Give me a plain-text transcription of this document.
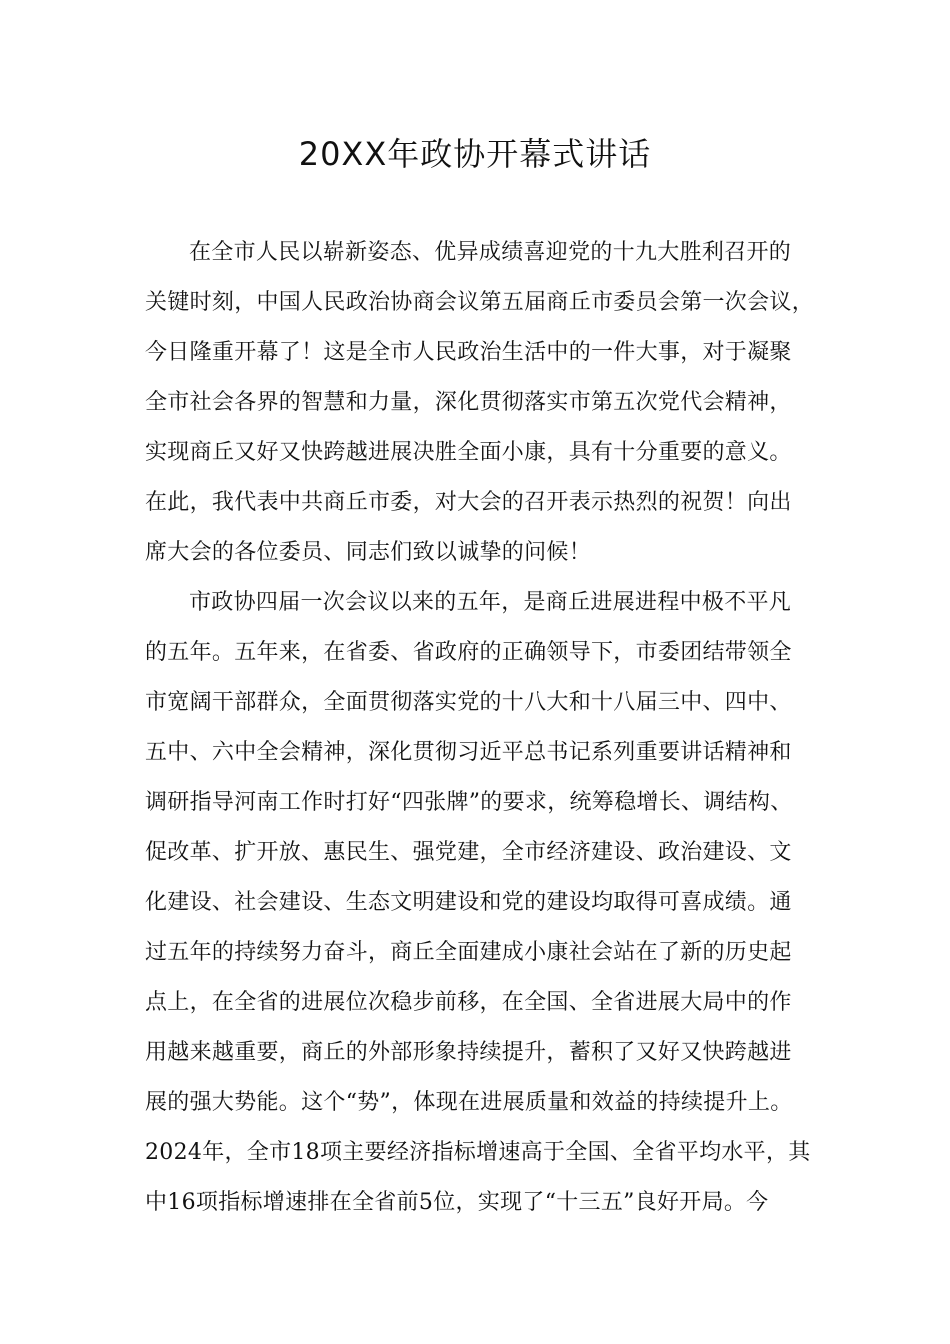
20XX年政协开幕式讲话
在全市人民以崭新姿态、优异成绩喜迎党的十九大胜利召开的
关键时刻，中国人民政治协商会议第五届商丘市委员会第一次会议，
今日隆重开幕了！这是全市人民政治生活中的一件大事，对于凝聚
全市社会各界的智慧和力量，深化贯彻落实市第五次党代会精神，
实现商丘又好又快跨越进展决胜全面小康，具有十分重要的意义。
在此，我代表中共商丘市委，对大会的召开表示热烈的祝贺！向出
席大会的各位委员、同志们致以诚挚的问候！
市政协四届一次会议以来的五年，是商丘进展进程中极不平凡
的五年。五年来，在省委、省政府的正确领导下，市委团结带领全
市宽阔干部群众，全面贯彻落实党的十八大和十八届三中、四中、
五中、六中全会精神，深化贯彻习近平总书记系列重要讲话精神和
调研指导河南工作时打好“四张牌”的要求，统筹稳增长、调结构、
促改革、扩开放、惠民生、强党建，全市经济建设、政治建设、文
化建设、社会建设、生态文明建设和党的建设均取得可喜成绩。通
过五年的持续努力奋斗，商丘全面建成小康社会站在了新的历史起
点上，在全省的进展位次稳步前移，在全国、全省进展大局中的作
用越来越重要，商丘的外部形象持续提升，蓄积了又好又快跨越进
展的强大势能。这个“势”，体现在进展质量和效益的持续提升上。
2024年，全市18项主要经济指标增速高于全国、全省平均水平，其
中16项指标增速排在全省前5位，实现了“十三五”良好开局。今
